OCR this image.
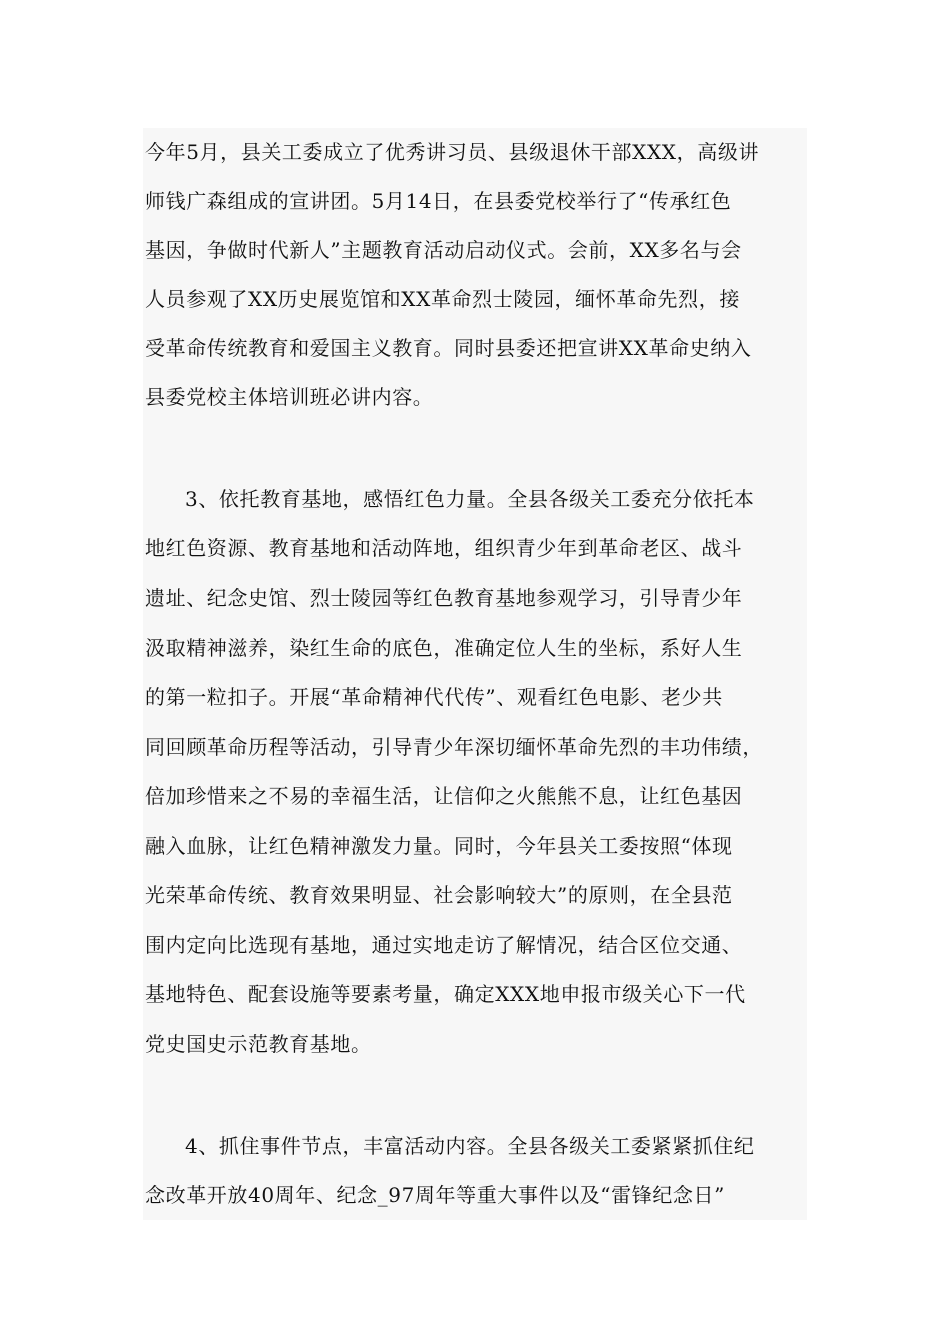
今年5月，县关工委成立了优秀讲习员、县级退休干部XXX，高级讲
师钱广森组成的宣讲团。5月14日，在县委党校举行了“传承红色
基因，争做时代新人”主题教育活动启动仪式。会前，XX多名与会
人员参观了XX历史展览馆和XX革命烈士陵园，缅怀革命先烈，接
受革命传统教育和爱国主义教育。同时县委还把宣讲XX革命史纳入
县委党校主体培训班必讲内容。
3、依托教育基地，感悟红色力量。全县各级关工委充分依托本
地红色资源、教育基地和活动阵地，组织青少年到革命老区、战斗
遗址、纪念史馆、烈士陵园等红色教育基地参观学习，引导青少年
汲取精神滋养，染红生命的底色，准确定位人生的坐标，系好人生
的第一粒扣子。开展“革命精神代代传”、观看红色电影、老少共
同回顾革命历程等活动，引导青少年深切缅怀革命先烈的丰功伟绩，
倍加珍惜来之不易的幸福生活，让信仰之火熊熊不息，让红色基因
融入血脉，让红色精神激发力量。同时，今年县关工委按照“体现
光荣革命传统、教育效果明显、社会影响较大”的原则，在全县范
围内定向比选现有基地，通过实地走访了解情况，结合区位交通、
基地特色、配套设施等要素考量，确定XXX地申报市级关心下一代
党史国史示范教育基地。
4、抓住事件节点，丰富活动内容。全县各级关工委紧紧抓住纪
念改革开放40周年、纪念_97周年等重大事件以及“雷锋纪念日”
